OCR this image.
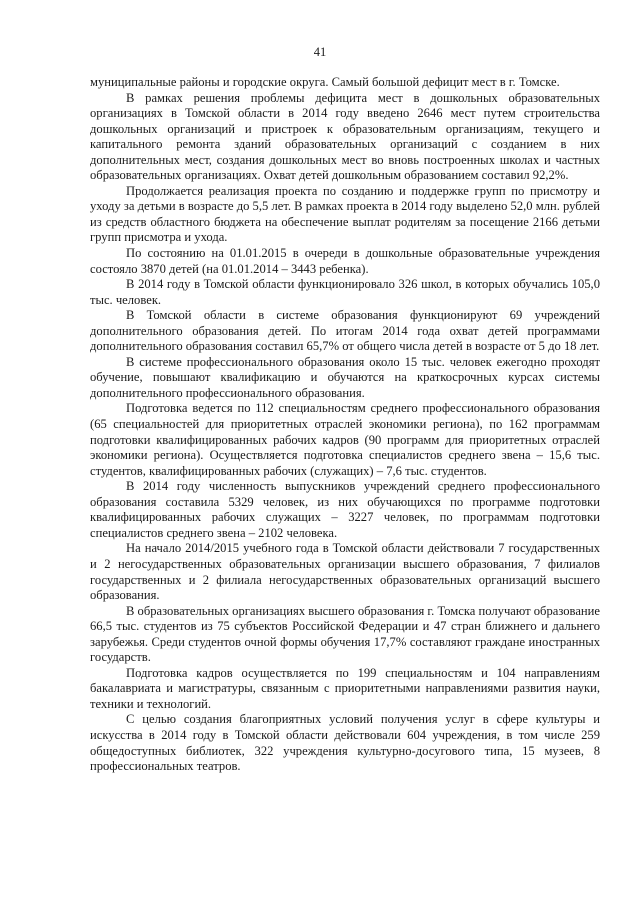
41

муниципальные районы и городские округа. Самый большой дефицит мест в г. Томске.

В рамках решения проблемы дефицита мест в дошкольных образовательных организациях в Томской области в 2014 году введено 2646 мест путем строительства дошкольных организаций и пристроек к образовательным организациям, текущего и капитального ремонта зданий образовательных организаций с созданием в них дополнительных мест, создания дошкольных мест во вновь построенных школах и частных образовательных организациях. Охват детей дошкольным образованием составил 92,2%.

Продолжается реализация проекта по созданию и поддержке групп по присмотру и уходу за детьми в возрасте до 5,5 лет. В рамках проекта в 2014 году выделено 52,0 млн. рублей из средств областного бюджета на обеспечение выплат родителям за посещение 2166 детьми групп присмотра и ухода.

По состоянию на 01.01.2015 в очереди в дошкольные образовательные учреждения состояло 3870 детей (на 01.01.2014 – 3443 ребенка).

В 2014 году в Томской области функционировало 326 школ, в которых обучались 105,0 тыс. человек.

В Томской области в системе образования функционируют 69 учреждений дополнительного образования детей. По итогам 2014 года охват детей программами дополнительного образования составил 65,7% от общего числа детей в возрасте от 5 до 18 лет.

В системе профессионального образования около 15 тыс. человек ежегодно проходят обучение, повышают квалификацию и обучаются на краткосрочных курсах системы дополнительного профессионального образования.

Подготовка ведется по 112 специальностям среднего профессионального образования (65 специальностей для приоритетных отраслей экономики региона), по 162 программам подготовки квалифицированных рабочих кадров (90 программ для приоритетных отраслей экономики региона). Осуществляется подготовка специалистов среднего звена – 15,6 тыс. студентов, квалифицированных рабочих (служащих) – 7,6 тыс. студентов.

В 2014 году численность выпускников учреждений среднего профессионального образования составила 5329 человек, из них обучающихся по программе подготовки квалифицированных рабочих служащих – 3227 человек, по программам подготовки специалистов среднего звена – 2102 человека.

На начало 2014/2015 учебного года в Томской области действовали 7 государственных и 2 негосударственных образовательных организации высшего образования, 7 филиалов государственных и 2 филиала негосударственных образовательных организаций высшего образования.

В образовательных организациях высшего образования г. Томска получают образование 66,5 тыс. студентов из 75 субъектов Российской Федерации и 47 стран ближнего и дальнего зарубежья. Среди студентов очной формы обучения 17,7% составляют граждане иностранных государств.

Подготовка кадров осуществляется по 199 специальностям и 104 направлениям бакалавриата и магистратуры, связанным с приоритетными направлениями развития науки, техники и технологий.

С целью создания благоприятных условий получения услуг в сфере культуры и искусства в 2014 году в Томской области действовали 604 учреждения, в том числе 259 общедоступных библиотек, 322 учреждения культурно-досугового типа, 15 музеев, 8 профессиональных театров.
